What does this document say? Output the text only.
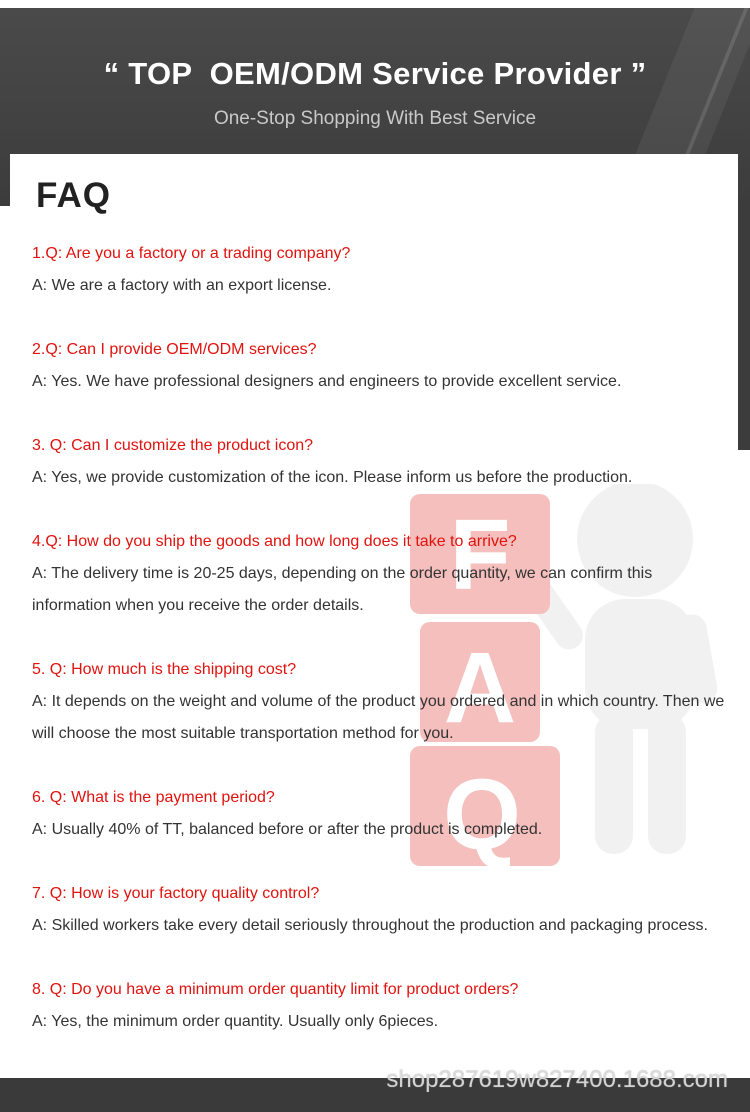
“ TOP  OEM/ODM Service Provider ”
One-Stop Shopping With Best Service
F
A
Q
FAQ

1.Q: Are you a factory or a trading company?

A: We are a factory with an export license.

2.Q: Can I provide OEM/ODM services?

A: Yes. We have professional designers and engineers to provide excellent service.

3. Q: Can I customize the product icon?

A: Yes, we provide customization of the icon. Please inform us before the production.

4.Q: How do you ship the goods and how long does it take to arrive?

A: The delivery time is 20-25 days, depending on the order quantity, we can confirm this information when you receive the order details.

5. Q: How much is the shipping cost?

A: It depends on the weight and volume of the product you ordered and in which country. Then we will choose the most suitable transportation method for you.

6. Q: What is the payment period?

A: Usually 40% of TT, balanced before or after the product is completed.

7. Q: How is your factory quality control?

A: Skilled workers take every detail seriously throughout the production and packaging process.

8. Q: Do you have a minimum order quantity limit for product orders?

A: Yes, the minimum order quantity. Usually only 6pieces.

shop287619w827400.1688.com
